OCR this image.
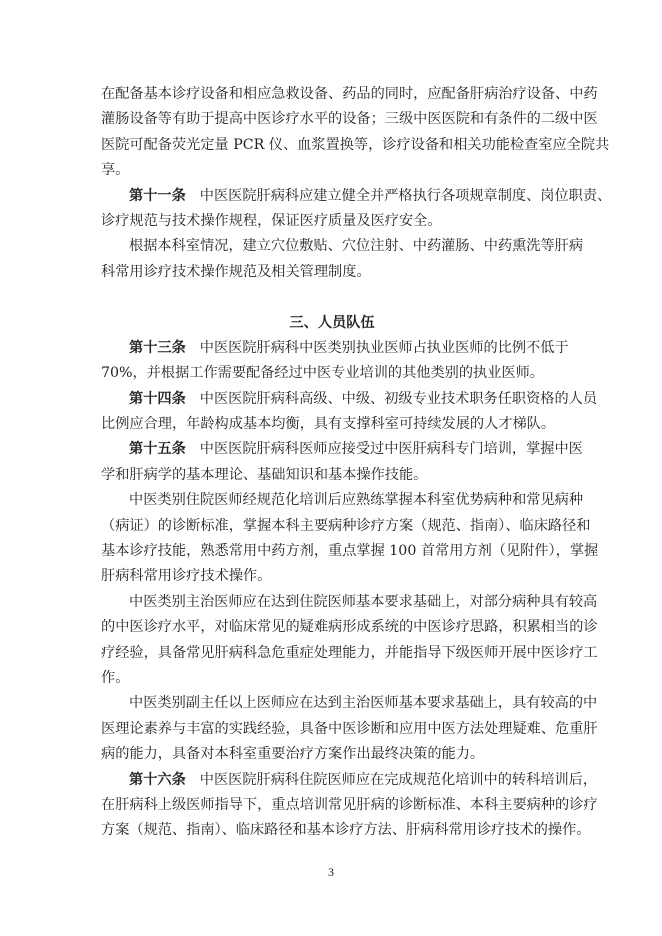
在配备基本诊疗设备和相应急救设备、药品的同时，应配备肝病治疗设备、中药
灌肠设备等有助于提高中医诊疗水平的设备；三级中医医院和有条件的二级中医
医院可配备荧光定量 PCR 仪、血浆置换等，诊疗设备和相关功能检查室应全院共
享。
第十一条 中医医院肝病科应建立健全并严格执行各项规章制度、岗位职责、
诊疗规范与技术操作规程，保证医疗质量及医疗安全。
根据本科室情况，建立穴位敷贴、穴位注射、中药灌肠、中药熏洗等肝病
科常用诊疗技术操作规范及相关管理制度。
三、人员队伍
第十三条 中医医院肝病科中医类别执业医师占执业医师的比例不低于
70%，并根据工作需要配备经过中医专业培训的其他类别的执业医师。
第十四条 中医医院肝病科高级、中级、初级专业技术职务任职资格的人员
比例应合理，年龄构成基本均衡，具有支撑科室可持续发展的人才梯队。
第十五条 中医医院肝病科医师应接受过中医肝病科专门培训，掌握中医
学和肝病学的基本理论、基础知识和基本操作技能。
中医类别住院医师经规范化培训后应熟练掌握本科室优势病种和常见病种
（病证）的诊断标准，掌握本科主要病种诊疗方案（规范、指南）、临床路径和
基本诊疗技能，熟悉常用中药方剂，重点掌握 100 首常用方剂（见附件），掌握
肝病科常用诊疗技术操作。
中医类别主治医师应在达到住院医师基本要求基础上，对部分病种具有较高
的中医诊疗水平，对临床常见的疑难病形成系统的中医诊疗思路，积累相当的诊
疗经验，具备常见肝病科急危重症处理能力，并能指导下级医师开展中医诊疗工
作。
中医类别副主任以上医师应在达到主治医师基本要求基础上，具有较高的中
医理论素养与丰富的实践经验，具备中医诊断和应用中医方法处理疑难、危重肝
病的能力，具备对本科室重要治疗方案作出最终决策的能力。
第十六条 中医医院肝病科住院医师应在完成规范化培训中的转科培训后，
在肝病科上级医师指导下，重点培训常见肝病的诊断标准、本科主要病种的诊疗
方案（规范、指南）、临床路径和基本诊疗方法、肝病科常用诊疗技术的操作。
3
